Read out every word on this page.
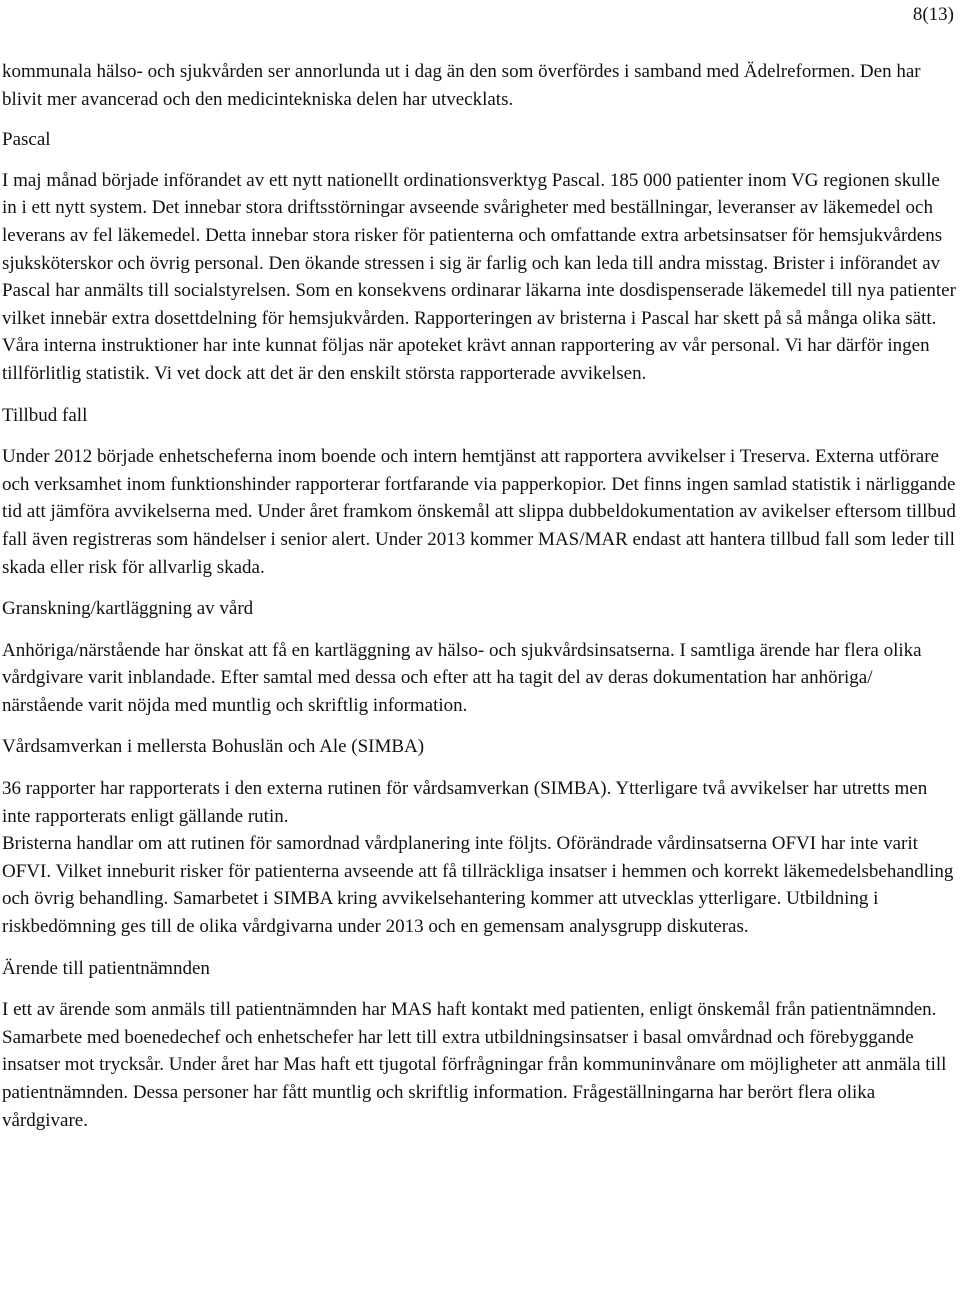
8(13)

kommunala hälso- och sjukvården ser annorlunda ut i dag än den som överfördes i samband med Ädelreformen. Den har blivit mer avancerad och den medicintekniska delen har utvecklats.

Pascal

I maj månad började införandet av ett nytt nationellt ordinationsverktyg Pascal. 185 000 patienter inom VG regionen skulle in i ett nytt system. Det innebar stora driftsstörningar avseende svårigheter med beställningar, leveranser av läkemedel och leverans av fel läkemedel. Detta innebar stora risker för patienterna och omfattande extra arbetsinsatser för hemsjukvårdens sjuksköterskor och övrig personal. Den ökande stressen i sig är farlig och kan leda till andra misstag. Brister i införandet av Pascal har anmälts till socialstyrelsen. Som en konsekvens ordinarar läkarna inte dosdispenserade läkemedel till nya patienter vilket innebär extra dosettdelning för hemsjukvården. Rapporteringen av bristerna i Pascal har skett på så många olika sätt. Våra interna instruktioner har inte kunnat följas när apoteket krävt annan rapportering av vår personal. Vi har därför ingen tillförlitlig statistik. Vi vet dock att det är den enskilt största rapporterade avvikelsen.

Tillbud fall

Under 2012 började enhetscheferna inom boende och intern hemtjänst att rapportera avvikelser i Treserva. Externa utförare och verksamhet inom funktionshinder rapporterar fortfarande via papperkopior. Det finns ingen samlad statistik i närliggande tid att jämföra avvikelserna med. Under året framkom önskemål att slippa dubbeldokumentation av avikelser eftersom tillbud fall även registreras som händelser i senior alert. Under 2013 kommer MAS/MAR endast att hantera tillbud fall som leder till skada eller risk för allvarlig skada.

Granskning/kartläggning av vård

Anhöriga/närstående har önskat att få en kartläggning av hälso- och sjukvårdsinsatserna. I samtliga ärende har flera olika vårdgivare varit inblandade. Efter samtal med dessa och efter att ha tagit del av deras dokumentation har anhöriga/ närstående varit nöjda med muntlig och skriftlig information.

Vårdsamverkan i mellersta Bohuslän och Ale (SIMBA)

36 rapporter har rapporterats i den externa rutinen för vårdsamverkan (SIMBA). Ytterligare två avvikelser har utretts men inte rapporterats enligt gällande rutin.

Bristerna handlar om att rutinen för samordnad vårdplanering inte följts. Oförändrade vårdinsatserna OFVI har inte varit OFVI. Vilket inneburit risker för patienterna avseende att få tillräckliga insatser i hemmen och korrekt läkemedelsbehandling och övrig behandling. Samarbetet i SIMBA kring avvikelsehantering kommer att utvecklas ytterligare. Utbildning i riskbedömning ges till de olika vårdgivarna under 2013 och en gemensam analysgrupp diskuteras.

Ärende till patientnämnden

I ett av ärende som anmäls till patientnämnden har MAS haft kontakt med patienten, enligt önskemål från patientnämnden. Samarbete med boenedechef och enhetschefer har lett till extra utbildningsinsatser i basal omvårdnad och förebyggande insatser mot trycksår. Under året har Mas haft ett tjugotal förfrågningar från kommuninvånare om möjligheter att anmäla till patientnämnden. Dessa personer har fått muntlig och skriftlig information. Frågeställningarna har berört flera olika vårdgivare.
